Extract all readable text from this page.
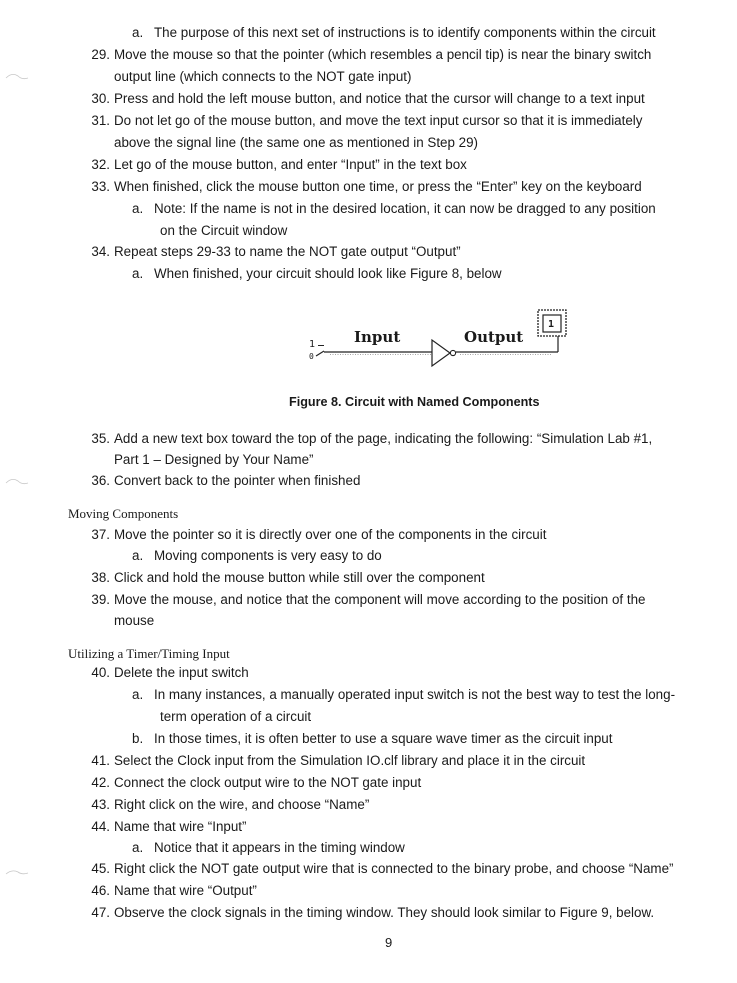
a. The purpose of this next set of instructions is to identify components within the circuit
29. Move the mouse so that the pointer (which resembles a pencil tip) is near the binary switch
output line (which connects to the NOT gate input)
30. Press and hold the left mouse button, and notice that the cursor will change to a text input
31. Do not let go of the mouse button, and move the text input cursor so that it is immediately
above the signal line (the same one as mentioned in Step 29)
32. Let go of the mouse button, and enter “Input” in the text box
33. When finished, click the mouse button one time, or press the “Enter” key on the keyboard
a. Note: If the name is not in the desired location, it can now be dragged to any position
on the Circuit window
34. Repeat steps 29-33 to name the NOT gate output “Output”
a. When finished, your circuit should look like Figure 8, below
1
0
Input	Output
1
Figure 8. Circuit with Named Components
35. Add a new text box toward the top of the page, indicating the following: “Simulation Lab #1,
Part 1 – Designed by Your Name”
36. Convert back to the pointer when finished
Moving Components
37. Move the pointer so it is directly over one of the components in the circuit
a. Moving components is very easy to do
38. Click and hold the mouse button while still over the component
39. Move the mouse, and notice that the component will move according to the position of the
mouse
Utilizing a Timer/Timing Input
40. Delete the input switch
a. In many instances, a manually operated input switch is not the best way to test the long-
term operation of a circuit
b. In those times, it is often better to use a square wave timer as the circuit input
41. Select the Clock input from the Simulation IO.clf library and place it in the circuit
42. Connect the clock output wire to the NOT gate input
43. Right click on the wire, and choose “Name”
44. Name that wire “Input”
a. Notice that it appears in the timing window
45. Right click the NOT gate output wire that is connected to the binary probe, and choose “Name”
46. Name that wire “Output”
47. Observe the clock signals in the timing window. They should look similar to Figure 9, below.
9
